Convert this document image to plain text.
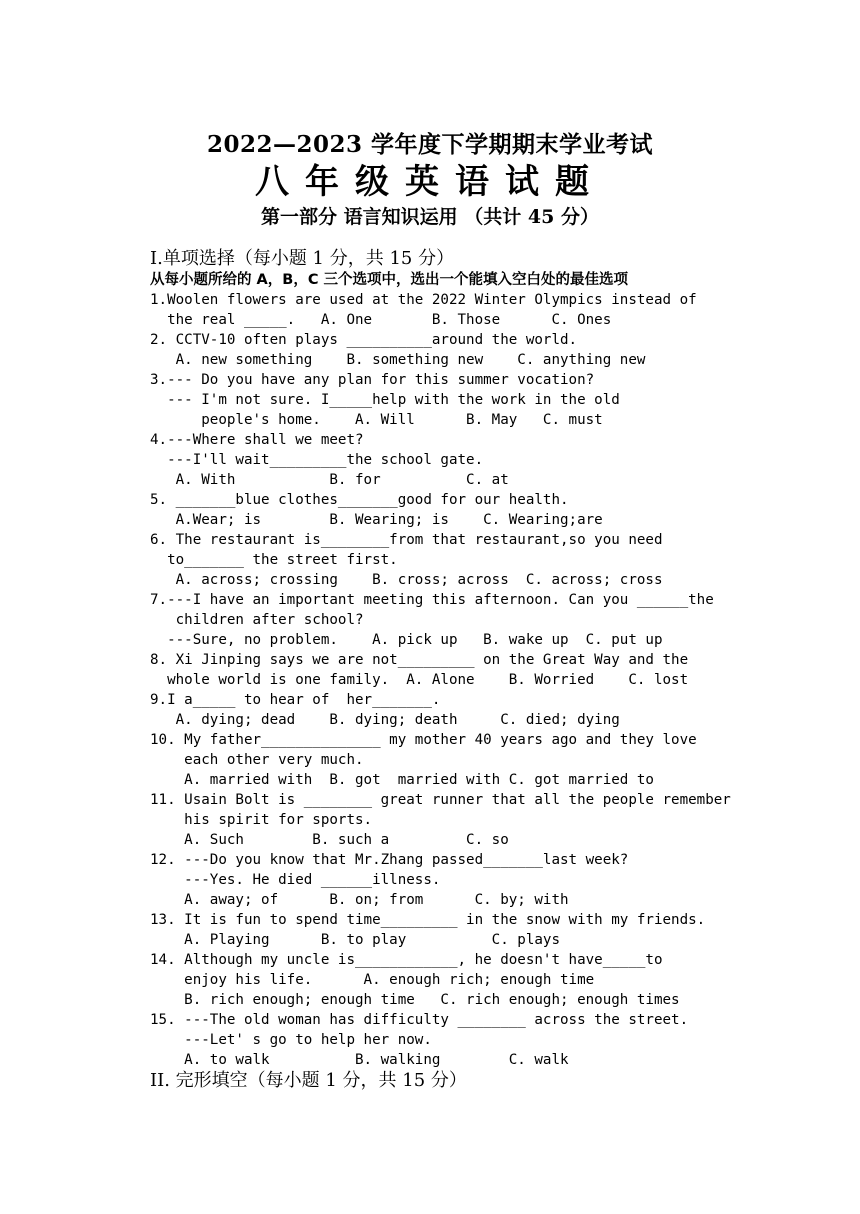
2022—2023 学年度下学期期末学业考试
八年级英语试题
第一部分 语言知识运用 （共计 45 分）
I.单项选择（每小题 1 分，共 15 分）
从每小题所给的 A，B，C 三个选项中，选出一个能填入空白处的最佳选项
1.Woolen flowers are used at the 2022 Winter Olympics instead of
the real _____.   A. One       B. Those      C. Ones
2. CCTV-10 often plays __________around the world.
A. new something    B. something new    C. anything new
3.--- Do you have any plan for this summer vocation?
--- I'm not sure. I_____help with the work in the old
people's home.    A. Will      B. May   C. must
4.---Where shall we meet?
---I'll wait_________the school gate.
A. With           B. for          C. at
5. _______blue clothes_______good for our health.
A.Wear; is        B. Wearing; is    C. Wearing;are
6. The restaurant is________from that restaurant,so you need
to_______ the street first.
A. across; crossing    B. cross; across  C. across; cross
7.---I have an important meeting this afternoon. Can you ______the
children after school?
---Sure, no problem.    A. pick up   B. wake up  C. put up
8. Xi Jinping says we are not_________ on the Great Way and the
whole world is one family.  A. Alone    B. Worried    C. lost
9.I a_____ to hear of  her_______.
A. dying; dead    B. dying; death     C. died; dying
10. My father______________ my mother 40 years ago and they love
each other very much.
A. married with  B. got  married with C. got married to
11. Usain Bolt is ________ great runner that all the people remember
his spirit for sports.
A. Such        B. such a         C. so
12. ---Do you know that Mr.Zhang passed_______last week?
---Yes. He died ______illness.
A. away; of      B. on; from      C. by; with
13. It is fun to spend time_________ in the snow with my friends.
A. Playing      B. to play          C. plays
14. Although my uncle is____________, he doesn't have_____to
enjoy his life.      A. enough rich; enough time
B. rich enough; enough time   C. rich enough; enough times
15. ---The old woman has difficulty ________ across the street.
---Let' s go to help her now.
A. to walk          B. walking        C. walk
II. 完形填空（每小题 1 分，共 15 分）
